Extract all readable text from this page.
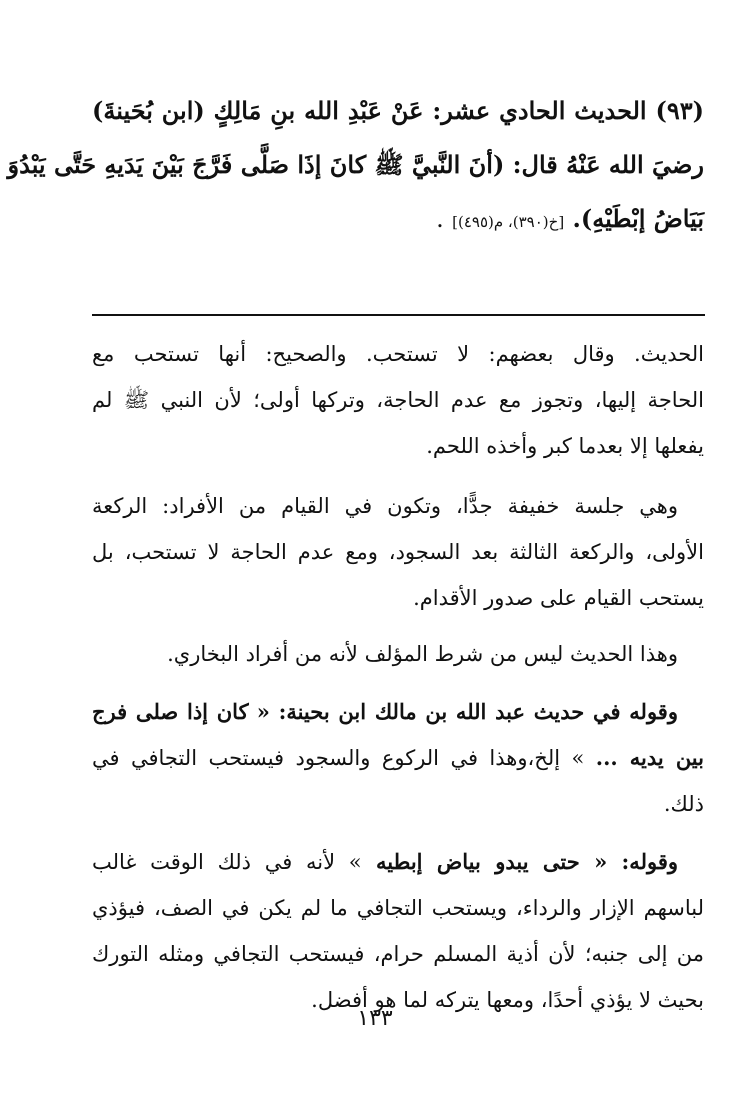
(٩٣) الحديث الحادي عشر: عَنْ عَبْدِ الله بنِ مَالِكٍ (ابن بُحَينةَ)
رضيَ الله عَنْهُ قال: (أنَ النَّبيَّ ﷺ كانَ إذَا صَلَّى فَرَّجَ بَيْنَ يَدَيهِ حَتَّى يَبْدُوَ
بَيَاضُ إبْطَيْهِ). [خ(٣٩٠)، م(٤٩٥)] .
الحديث. وقال بعضهم: لا تستحب. والصحيح: أنها تستحب مع
الحاجة إليها، وتجوز مع عدم الحاجة، وتركها أولى؛ لأن النبي ﷺ لم
يفعلها إلا بعدما كبر وأخذه اللحم.
وهي جلسة خفيفة جدًّا، وتكون في القيام من الأفراد: الركعة
الأولى، والركعة الثالثة بعد السجود، ومع عدم الحاجة لا تستحب، بل
يستحب القيام على صدور الأقدام.
وهذا الحديث ليس من شرط المؤلف لأنه من أفراد البخاري.
وقوله في حديث عبد الله بن مالك ابن بحينة: « كان إذا صلى فرج
بين يديه ... » إلخ،وهذا في الركوع والسجود فيستحب التجافي في
ذلك.
وقوله: « حتى يبدو بياض إبطيه » لأنه في ذلك الوقت غالب
لباسهم الإزار والرداء، ويستحب التجافي ما لم يكن في الصف، فيؤذي
من إلى جنبه؛ لأن أذية المسلم حرام، فيستحب التجافي ومثله التورك
بحيث لا يؤذي أحدًا، ومعها يتركه لما هو أفضل.
١٣٣
